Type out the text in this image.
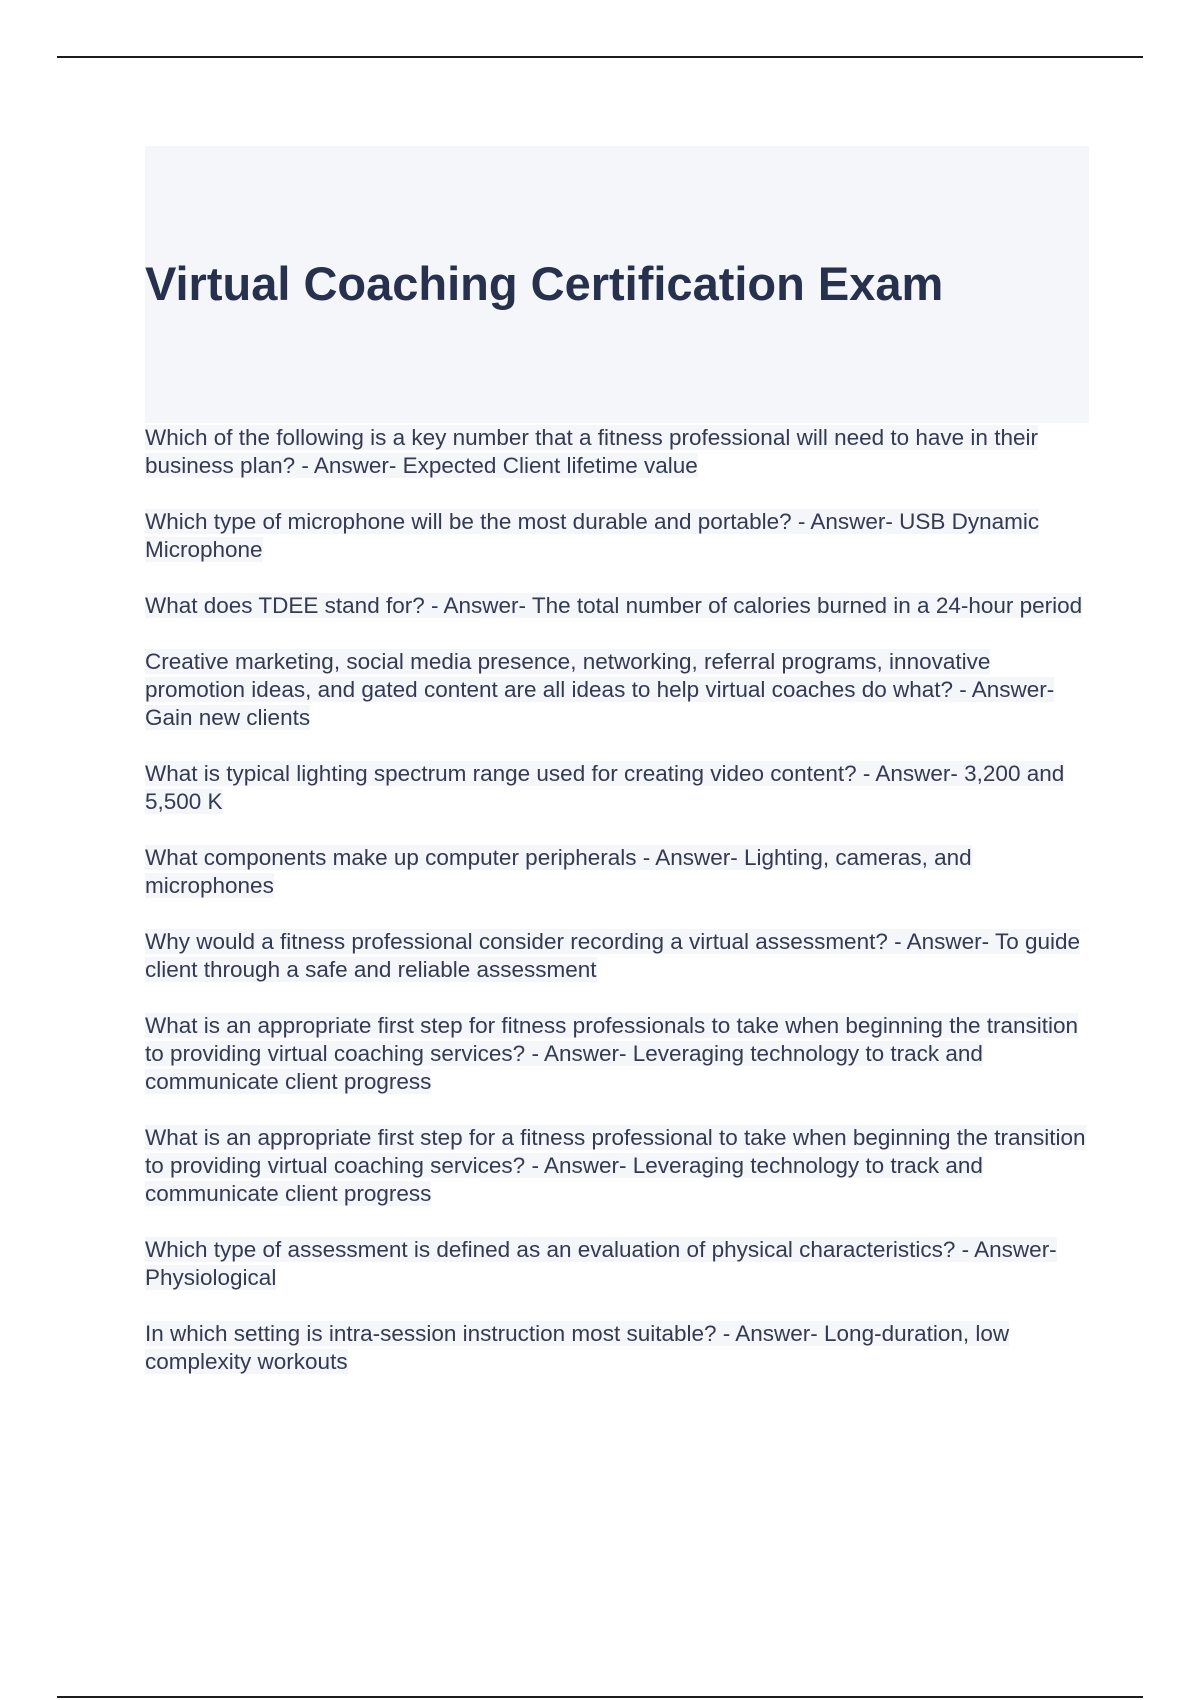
Virtual Coaching Certification Exam
Which of the following is a key number that a fitness professional will need to have in their business plan? - Answer- Expected Client lifetime value
Which type of microphone will be the most durable and portable? - Answer- USB Dynamic Microphone
What does TDEE stand for? - Answer- The total number of calories burned in a 24-hour period
Creative marketing, social media presence, networking, referral programs, innovative promotion ideas, and gated content are all ideas to help virtual coaches do what? - Answer- Gain new clients
What is typical lighting spectrum range used for creating video content? - Answer- 3,200 and 5,500 K
What components make up computer peripherals - Answer- Lighting, cameras, and microphones
Why would a fitness professional consider recording a virtual assessment? - Answer- To guide client through a safe and reliable assessment
What is an appropriate first step for fitness professionals to take when beginning the transition to providing virtual coaching services? - Answer- Leveraging technology to track and communicate client progress
What is an appropriate first step for a fitness professional to take when beginning the transition to providing virtual coaching services? - Answer- Leveraging technology to track and communicate client progress
Which type of assessment is defined as an evaluation of physical characteristics? - Answer- Physiological
In which setting is intra-session instruction most suitable? - Answer- Long-duration, low complexity workouts
